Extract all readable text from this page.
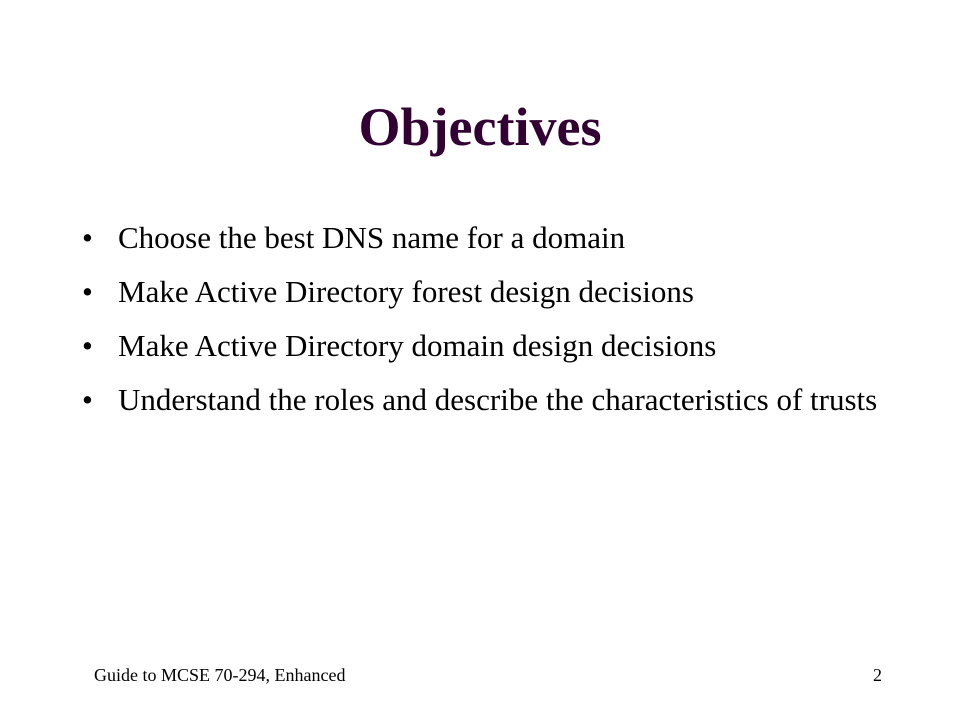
Objectives
• Choose the best DNS name for a domain
• Make Active Directory forest design decisions
• Make Active Directory domain design decisions
• Understand the roles and describe the characteristics of trusts
Guide to MCSE 70-294, Enhanced	2
